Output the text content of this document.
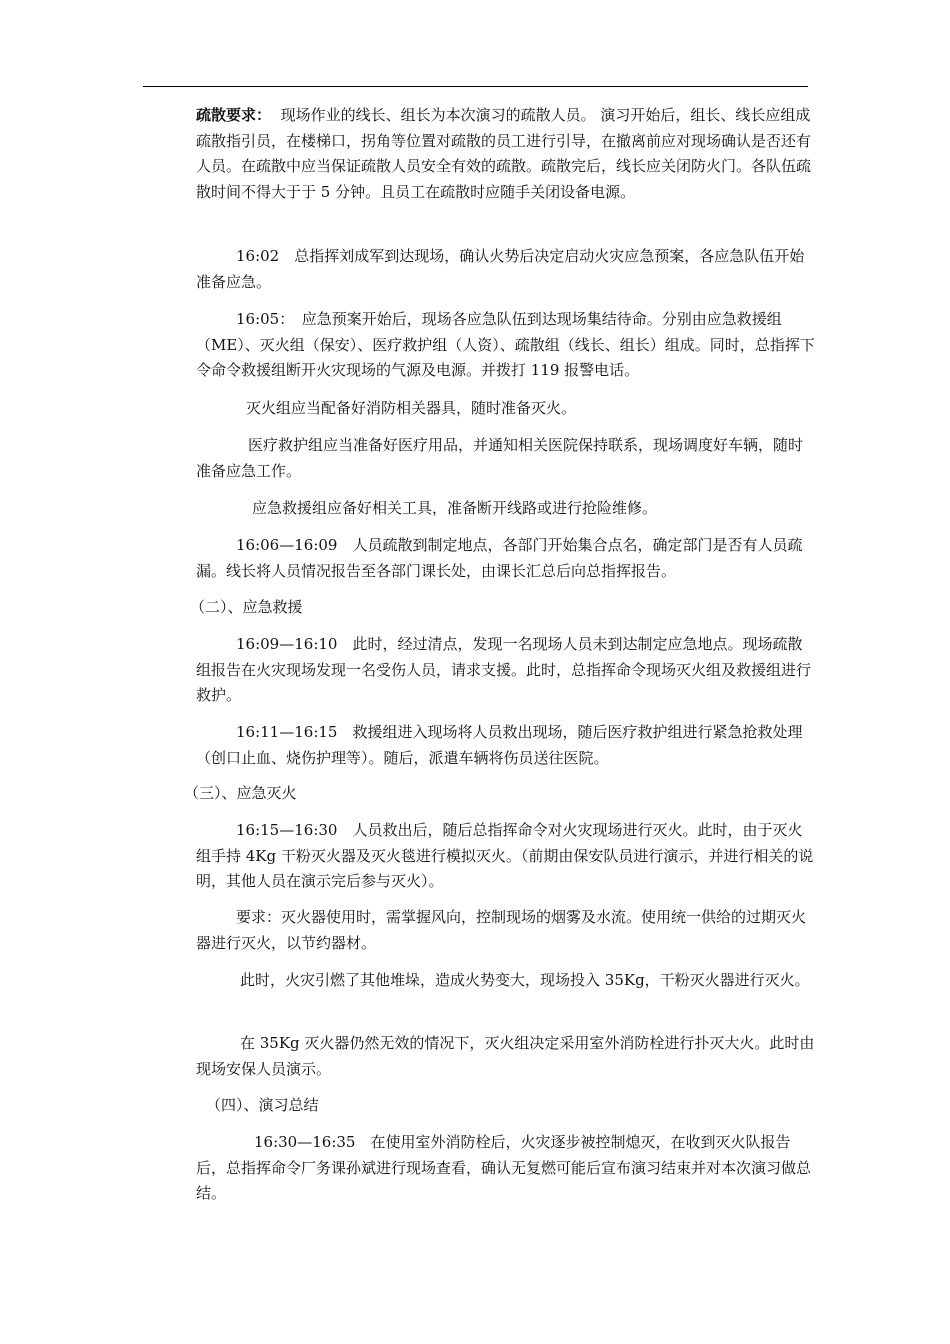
疏散要求： 现场作业的线长、组长为本次演习的疏散人员。 演习开始后，组长、线长应组成疏散指引员，在楼梯口，拐角等位置对疏散的员工进行引导，在撤离前应对现场确认是否还有人员。在疏散中应当保证疏散人员安全有效的疏散。疏散完后，线长应关闭防火门。各队伍疏散时间不得大于于 5 分钟。且员工在疏散时应随手关闭设备电源。

16:02　总指挥刘成军到达现场，确认火势后决定启动火灾应急预案，各应急队伍开始准备应急。

16:05：　应急预案开始后，现场各应急队伍到达现场集结待命。分别由应急救援组（ME）、灭火组（保安）、医疗救护组（人资）、疏散组（线长、组长）组成。同时，总指挥下令命令救援组断开火灾现场的气源及电源。并拨打 119 报警电话。

灭火组应当配备好消防相关器具，随时准备灭火。

医疗救护组应当准备好医疗用品，并通知相关医院保持联系，现场调度好车辆，随时准备应急工作。

应急救援组应备好相关工具，准备断开线路或进行抢险维修。

16:06—16:09　人员疏散到制定地点，各部门开始集合点名，确定部门是否有人员疏漏。线长将人员情况报告至各部门课长处，由课长汇总后向总指挥报告。

（二）、应急救援

16:09—16:10　此时，经过清点，发现一名现场人员未到达制定应急地点。现场疏散组报告在火灾现场发现一名受伤人员，请求支援。此时，总指挥命令现场灭火组及救援组进行救护。

16:11—16:15　救援组进入现场将人员救出现场，随后医疗救护组进行紧急抢救处理（创口止血、烧伤护理等）。随后，派遣车辆将伤员送往医院。

（三）、应急灭火

16:15—16:30　人员救出后，随后总指挥命令对火灾现场进行灭火。此时，由于灭火组手持 4Kg 干粉灭火器及灭火毯进行模拟灭火。（前期由保安队员进行演示，并进行相关的说明，其他人员在演示完后参与灭火）。

要求：灭火器使用时，需掌握风向，控制现场的烟雾及水流。使用统一供给的过期灭火器进行灭火，以节约器材。

此时，火灾引燃了其他堆垛，造成火势变大，现场投入 35Kg，干粉灭火器进行灭火。

在 35Kg 灭火器仍然无效的情况下，灭火组决定采用室外消防栓进行扑灭大火。此时由现场安保人员演示。

（四）、演习总结

16:30—16:35　在使用室外消防栓后，火灾逐步被控制熄灭，在收到灭火队报告后，总指挥命令厂务课孙斌进行现场查看，确认无复燃可能后宣布演习结束并对本次演习做总结。
